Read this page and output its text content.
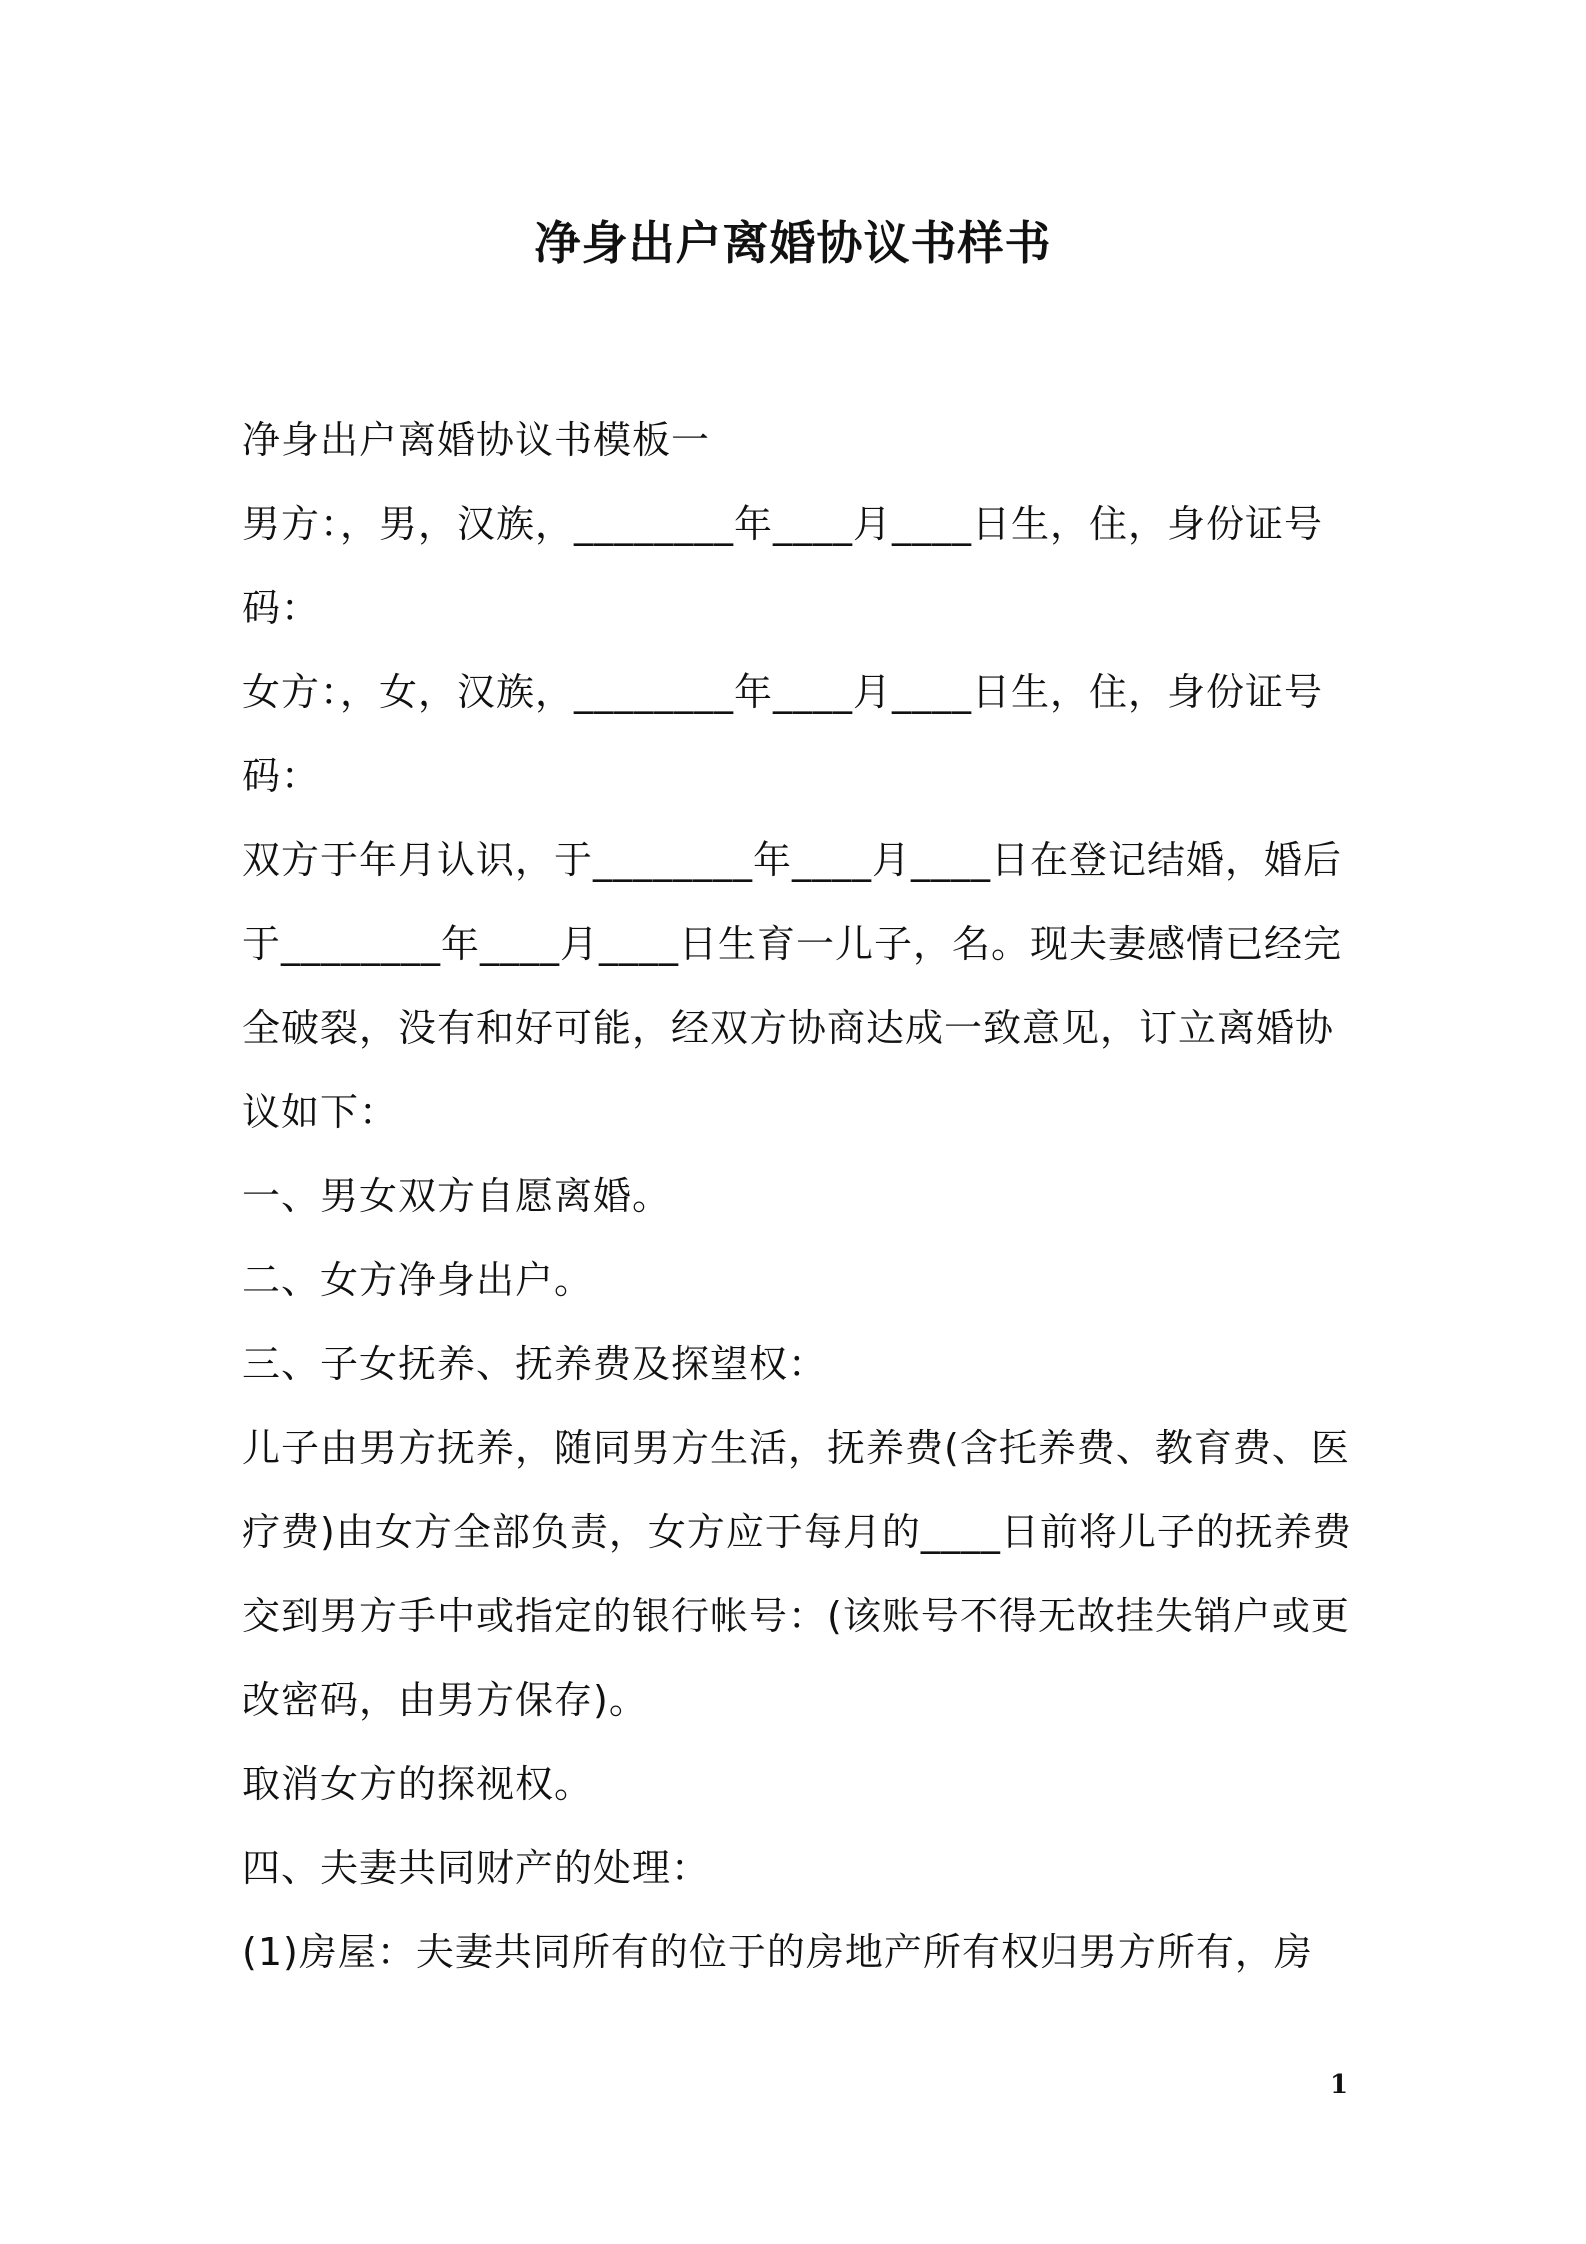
净身出户离婚协议书样书

净身出户离婚协议书模板一

男方：，男，汉族，________年____月____日生，住，身份证号码：

女方：，女，汉族，________年____月____日生，住，身份证号码：

双方于年月认识，于________年____月____日在登记结婚，婚后于________年____月____日生育一儿子，名。现夫妻感情已经完全破裂，没有和好可能，经双方协商达成一致意见，订立离婚协议如下：

一、男女双方自愿离婚。

二、女方净身出户。

三、子女抚养、抚养费及探望权：

儿子由男方抚养，随同男方生活，抚养费(含托养费、教育费、医疗费)由女方全部负责，女方应于每月的____日前将儿子的抚养费交到男方手中或指定的银行帐号：(该账号不得无故挂失销户或更改密码，由男方保存)。

取消女方的探视权。

四、夫妻共同财产的处理：

(1)房屋：夫妻共同所有的位于的房地产所有权归男方所有，房

1
